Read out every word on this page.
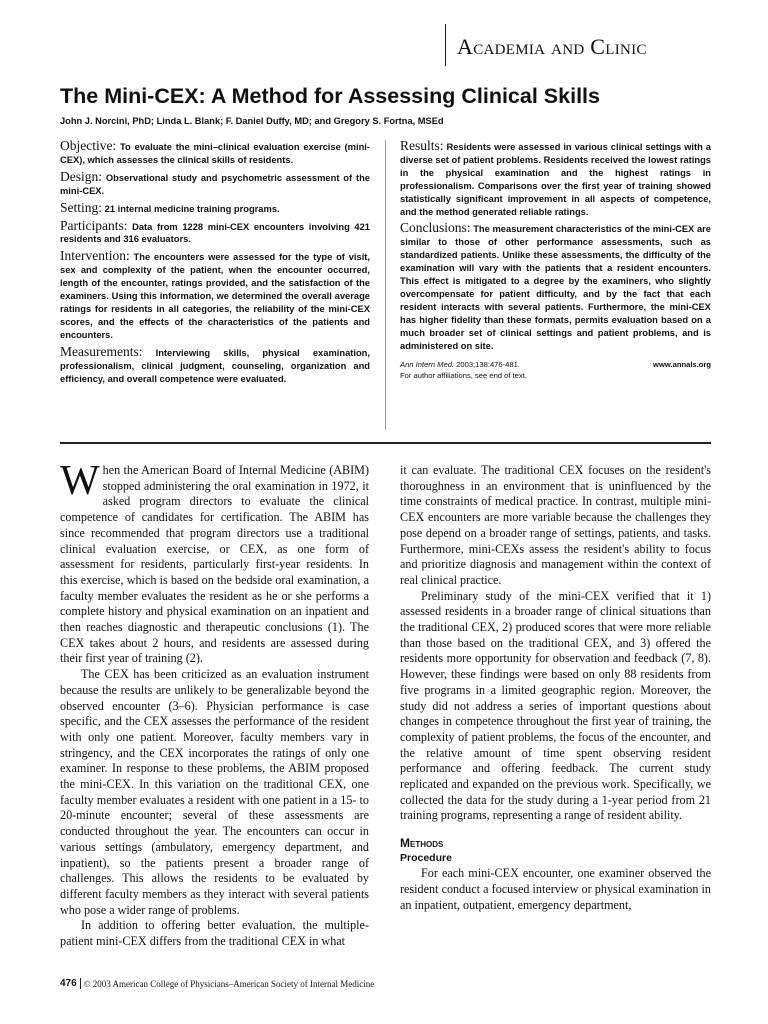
Academia and Clinic
The Mini-CEX: A Method for Assessing Clinical Skills
John J. Norcini, PhD; Linda L. Blank; F. Daniel Duffy, MD; and Gregory S. Fortna, MSEd

Objective: To evaluate the mini–clinical evaluation exercise (mini-CEX), which assesses the clinical skills of residents.

Design: Observational study and psychometric assessment of the mini-CEX.

Setting: 21 internal medicine training programs.

Participants: Data from 1228 mini-CEX encounters involving 421 residents and 316 evaluators.

Intervention: The encounters were assessed for the type of visit, sex and complexity of the patient, when the encounter occurred, length of the encounter, ratings provided, and the satisfaction of the examiners. Using this information, we determined the overall average ratings for residents in all categories, the reliability of the mini-CEX scores, and the effects of the characteristics of the patients and encounters.

Measurements: Interviewing skills, physical examination, professionalism, clinical judgment, counseling, organization and efficiency, and overall competence were evaluated.

Results: Residents were assessed in various clinical settings with a diverse set of patient problems. Residents received the lowest ratings in the physical examination and the highest ratings in professionalism. Comparisons over the first year of training showed statistically significant improvement in all aspects of competence, and the method generated reliable ratings.

Conclusions: The measurement characteristics of the mini-CEX are similar to those of other performance assessments, such as standardized patients. Unlike these assessments, the difficulty of the examination will vary with the patients that a resident encounters. This effect is mitigated to a degree by the examiners, who slightly overcompensate for patient difficulty, and by the fact that each resident interacts with several patients. Furthermore, the mini-CEX has higher fidelity than these formats, permits evaluation based on a much broader set of clinical settings and patient problems, and is administered on site.

Ann Intern Med. 2003;138:476-481.	www.annals.org
For author affiliations, see end of text.

When the American Board of Internal Medicine (ABIM) stopped administering the oral examination in 1972, it asked program directors to evaluate the clinical competence of candidates for certification. The ABIM has since recommended that program directors use a traditional clinical evaluation exercise, or CEX, as one form of assessment for residents, particularly first-year residents. In this exercise, which is based on the bedside oral examination, a faculty member evaluates the resident as he or she performs a complete history and physical examination on an inpatient and then reaches diagnostic and therapeutic conclusions (1). The CEX takes about 2 hours, and residents are assessed during their first year of training (2).

The CEX has been criticized as an evaluation instrument because the results are unlikely to be generalizable beyond the observed encounter (3–6). Physician performance is case specific, and the CEX assesses the performance of the resident with only one patient. Moreover, faculty members vary in stringency, and the CEX incorporates the ratings of only one examiner. In response to these problems, the ABIM proposed the mini-CEX. In this variation on the traditional CEX, one faculty member evaluates a resident with one patient in a 15- to 20-minute encounter; several of these assessments are conducted throughout the year. The encounters can occur in various settings (ambulatory, emergency department, and inpatient), so the patients present a broader range of challenges. This allows the residents to be evaluated by different faculty members as they interact with several patients who pose a wider range of problems.

In addition to offering better evaluation, the multiple-patient mini-CEX differs from the traditional CEX in what

it can evaluate. The traditional CEX focuses on the resident's thoroughness in an environment that is uninfluenced by the time constraints of medical practice. In contrast, multiple mini-CEX encounters are more variable because the challenges they pose depend on a broader range of settings, patients, and tasks. Furthermore, mini-CEXs assess the resident's ability to focus and prioritize diagnosis and management within the context of real clinical practice.

Preliminary study of the mini-CEX verified that it 1) assessed residents in a broader range of clinical situations than the traditional CEX, 2) produced scores that were more reliable than those based on the traditional CEX, and 3) offered the residents more opportunity for observation and feedback (7, 8). However, these findings were based on only 88 residents from five programs in a limited geographic region. Moreover, the study did not address a series of important questions about changes in competence throughout the first year of training, the complexity of patient problems, the focus of the encounter, and the relative amount of time spent observing resident performance and offering feedback. The current study replicated and expanded on the previous work. Specifically, we collected the data for the study during a 1-year period from 21 training programs, representing a range of resident ability.

Methods
Procedure

For each mini-CEX encounter, one examiner observed the resident conduct a focused interview or physical examination in an inpatient, outpatient, emergency department,

476 © 2003 American College of Physicians–American Society of Internal Medicine
